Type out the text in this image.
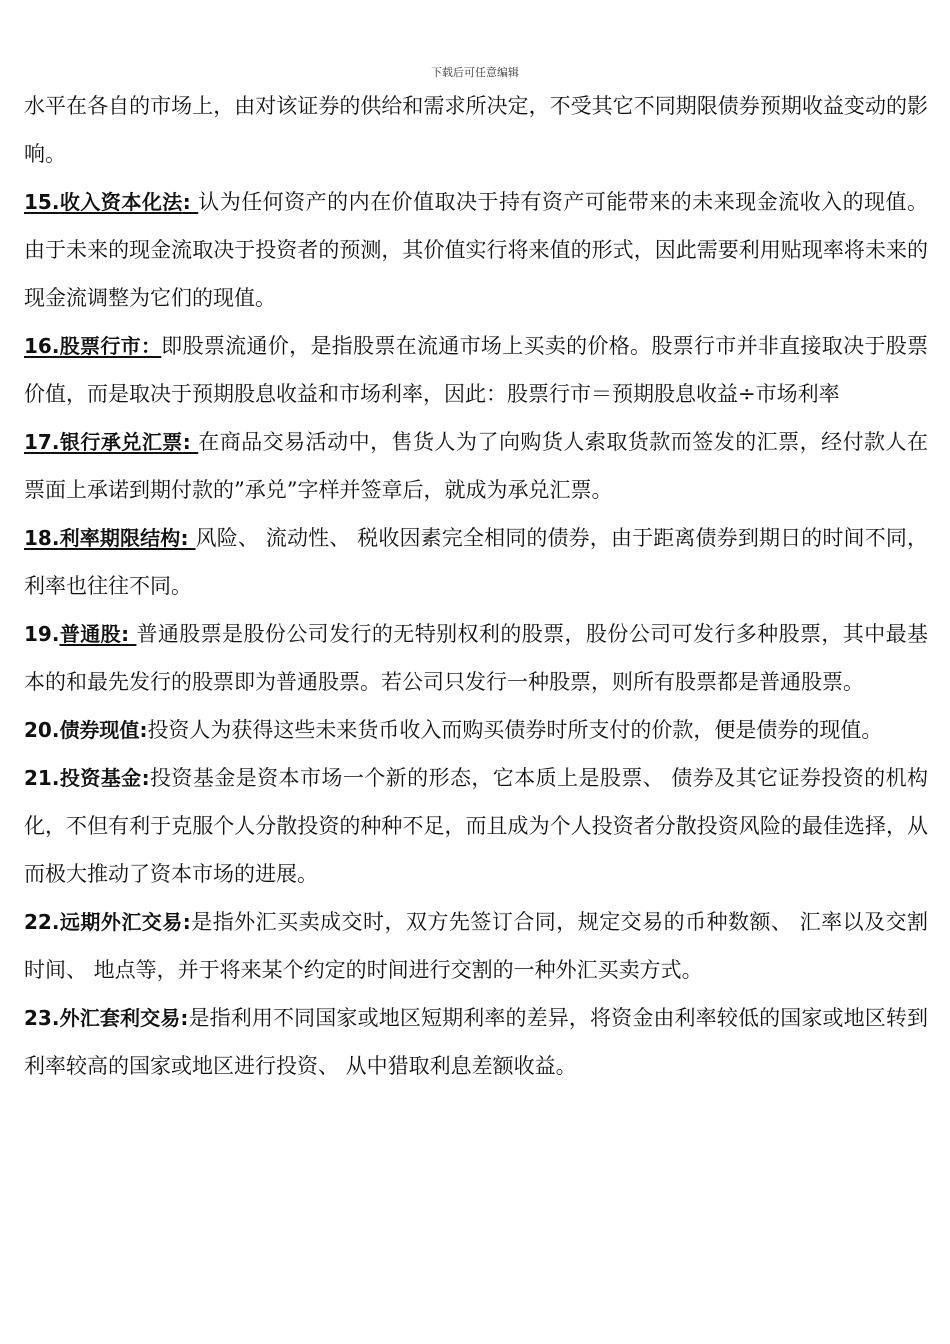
下载后可任意编辑

水平在各自的市场上，由对该证券的供给和需求所决定，不受其它不同期限债券预期收益变动的影响。

15.收入资本化法: 认为任何资产的内在价值取决于持有资产可能带来的未来现金流收入的现值。由于未来的现金流取决于投资者的预测，其价值实行将来值的形式，因此需要利用贴现率将未来的现金流调整为它们的现值。

16.股票行市：即股票流通价，是指股票在流通市场上买卖的价格。股票行市并非直接取决于股票价值，而是取决于预期股息收益和市场利率，因此：股票行市＝预期股息收益÷市场利率

17.银行承兑汇票: 在商品交易活动中，售货人为了向购货人索取货款而签发的汇票，经付款人在票面上承诺到期付款的”承兑”字样并签章后，就成为承兑汇票。

18.利率期限结构: 风险、 流动性、 税收因素完全相同的债券，由于距离债券到期日的时间不同，利率也往往不同。

19.普通股: 普通股票是股份公司发行的无特别权利的股票，股份公司可发行多种股票，其中最基本的和最先发行的股票即为普通股票。若公司只发行一种股票，则所有股票都是普通股票。

20.债券现值:投资人为获得这些未来货币收入而购买债券时所支付的价款，便是债券的现值。

21.投资基金:投资基金是资本市场一个新的形态，它本质上是股票、 债券及其它证券投资的机构化，不但有利于克服个人分散投资的种种不足，而且成为个人投资者分散投资风险的最佳选择，从而极大推动了资本市场的进展。

22.远期外汇交易:是指外汇买卖成交时，双方先签订合同，规定交易的币种数额、 汇率以及交割时间、 地点等，并于将来某个约定的时间进行交割的一种外汇买卖方式。

23.外汇套利交易:是指利用不同国家或地区短期利率的差异，将资金由利率较低的国家或地区转到利率较高的国家或地区进行投资、 从中猎取利息差额收益。
